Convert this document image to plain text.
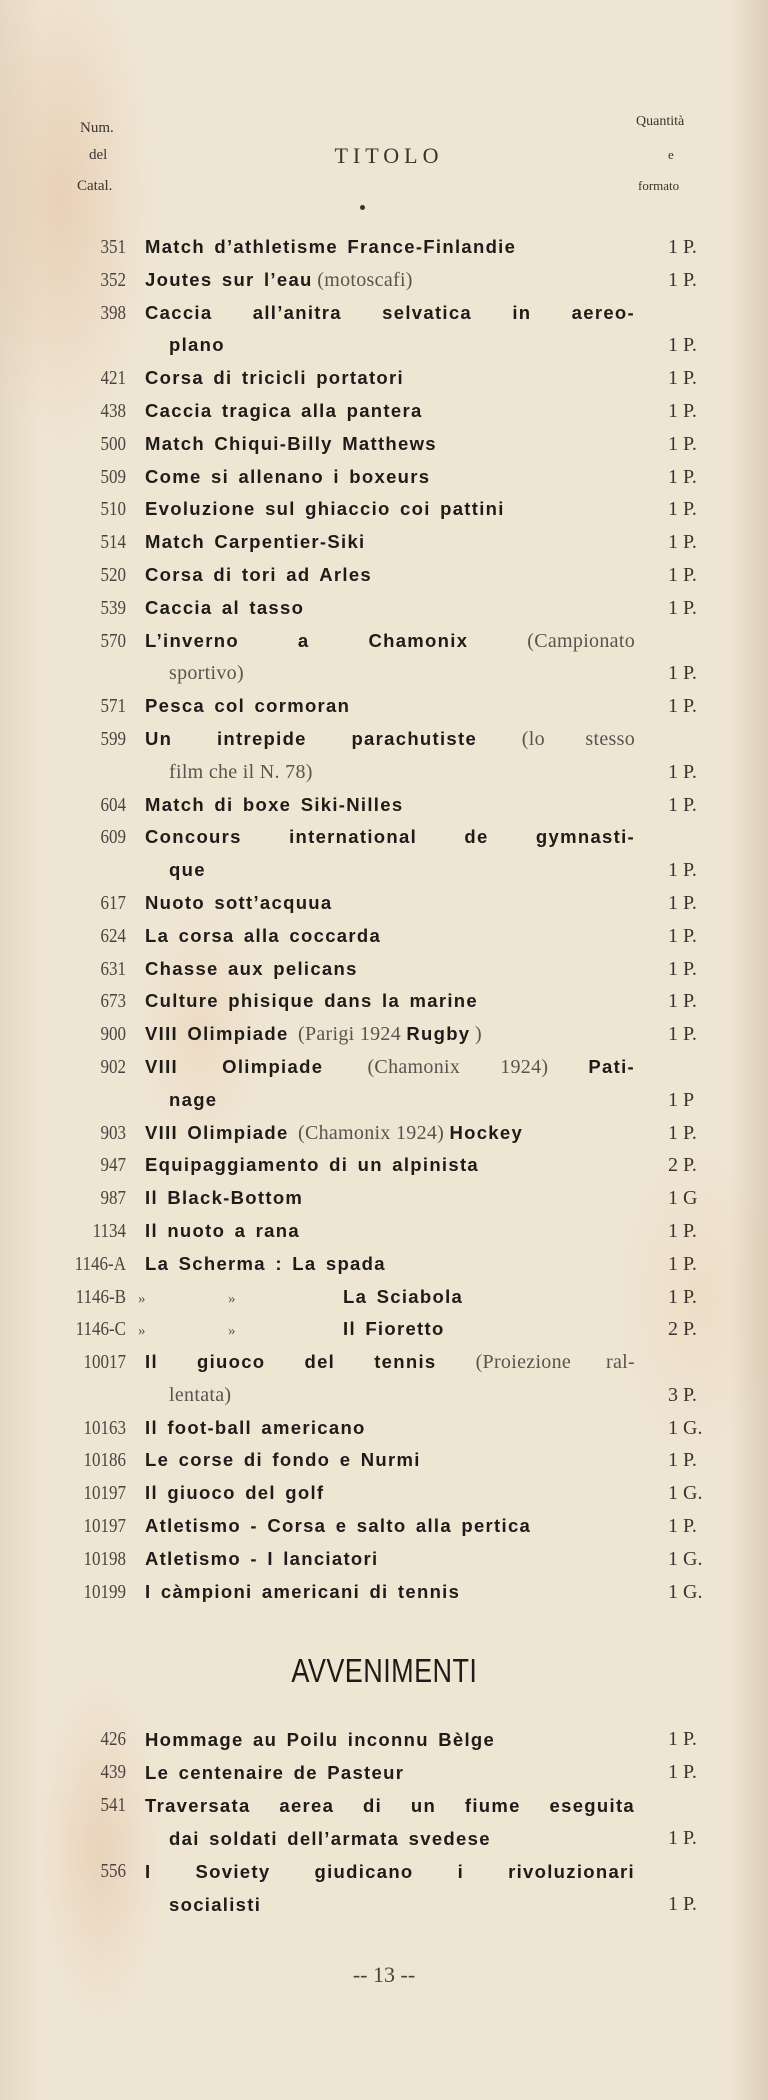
Num.
del
Catal.
TITOLO
Quantità
e
formato
351 Match d’athletisme France-Finlandie	1 P.
352 Joutes sur l’eau (motoscafi)	1 P.
398 Caccia all’anitra selvatica in aereo-
plano	1 P.
421 Corsa di tricicli portatori	1 P.
438 Caccia tragica alla pantera	1 P.
500 Match Chiqui-Billy Matthews	1 P.
509 Come si allenano i boxeurs	1 P.
510 Evoluzione sul ghiaccio coi pattini	1 P.
514 Match Carpentier-Siki	1 P.
520 Corsa di tori ad Arles	1 P.
539 Caccia al tasso	1 P.
570 L’inverno a Chamonix (Campionato
sportivo)	1 P.
571 Pesca col cormoran	1 P.
599 Un intrepide parachutiste (lo stesso
film che il N. 78)	1 P.
604 Match di boxe Siki-Nilles	1 P.
609 Concours international de gymnasti-
que	1 P.
617 Nuoto sott’acquua	1 P.
624 La corsa alla coccarda	1 P.
631 Chasse aux pelicans	1 P.
673 Culture phisique dans la marine	1 P.
900 VIII Olimpiade (Parigi 1924 Rugby )	1 P.
902 VIII Olimpiade (Chamonix 1924) Pati-
nage	1 P
903 VIII Olimpiade (Chamonix 1924) Hockey	1 P.
947 Equipaggiamento di un alpinista	2 P.
987 Il Black-Bottom	1 G
1134 Il nuoto a rana	1 P.
1146-A La Scherma : La spada	1 P.
1146-B »	»	La Sciabola	1 P.
1146-C »	»	Il Fioretto	2 P.
10017 Il giuoco del tennis (Proiezione ral-
lentata)	3 P.
10163 Il foot-ball americano	1 G.
10186 Le corse di fondo e Nurmi	1 P.
10197 Il giuoco del golf	1 G.
10197 Atletismo - Corsa e salto alla pertica	1 P.
10198 Atletismo - I lanciatori	1 G.
10199 I càmpioni americani di tennis	1 G.
AVVENIMENTI
426 Hommage au Poilu inconnu Bèlge	1 P.
439 Le centenaire de Pasteur	1 P.
541 Traversata aerea di un fiume eseguita
dai soldati dell’armata svedese	1 P.
556 I Soviety giudicano i rivoluzionari
socialisti	1 P.
-- 13 --
